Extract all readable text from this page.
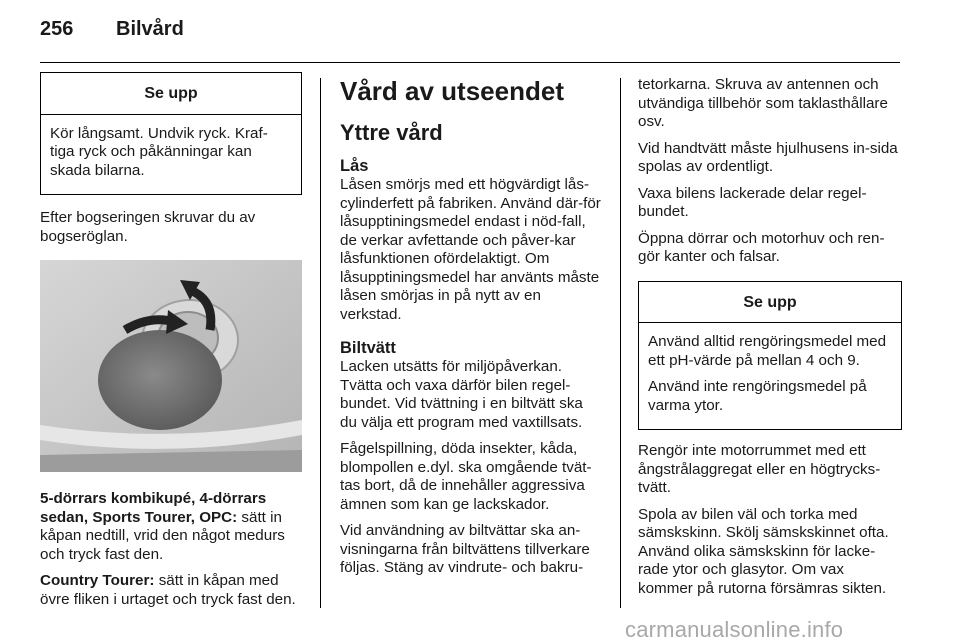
256 Bilvård
Se upp

Kör långsamt. Undvik ryck. Kraf-tiga ryck och påkänningar kan skada bilarna.

Efter bogseringen skruvar du av bogseröglan.

5-dörrars kombikupé, 4-dörrars sedan, Sports Tourer, OPC: sätt in kåpan nedtill, vrid den något medurs och tryck fast den.

Country Tourer: sätt in kåpan med övre fliken i urtaget och tryck fast den.

Vård av utseendet
Yttre vård
Lås

Låsen smörjs med ett högvärdigt lås-cylinderfett på fabriken. Använd där-för låsupptiningsmedel endast i nöd-fall, de verkar avfettande och påver-kar låsfunktionen ofördelaktigt. Om låsupptiningsmedel har använts måste låsen smörjas in på nytt av en verkstad.

Biltvätt

Lacken utsätts för miljöpåverkan. Tvätta och vaxa därför bilen regel-bundet. Vid tvättning i en biltvätt ska du välja ett program med vaxtillsats.

Fågelspillning, döda insekter, kåda, blompollen e.dyl. ska omgående tvät-tas bort, då de innehåller aggressiva ämnen som kan ge lackskador.

Vid användning av biltvättar ska an-visningarna från biltvättens tillverkare följas. Stäng av vindrute- och bakru-

tetorkarna. Skruva av antennen och utvändiga tillbehör som taklasthållare osv.

Vid handtvätt måste hjulhusens in-sida spolas av ordentligt.

Vaxa bilens lackerade delar regel-bundet.

Öppna dörrar och motorhuv och ren-gör kanter och falsar.

Se upp

Använd alltid rengöringsmedel med ett pH-värde på mellan 4 och 9.

Använd inte rengöringsmedel på varma ytor.

Rengör inte motorrummet med ett ångstrålaggregat eller en högtrycks-tvätt.

Spola av bilen väl och torka med sämskskinn. Skölj sämskskinnet ofta. Använd olika sämskskinn för lacke-rade ytor och glasytor. Om vax kommer på rutorna försämras sikten.

carmanualsonline.info
